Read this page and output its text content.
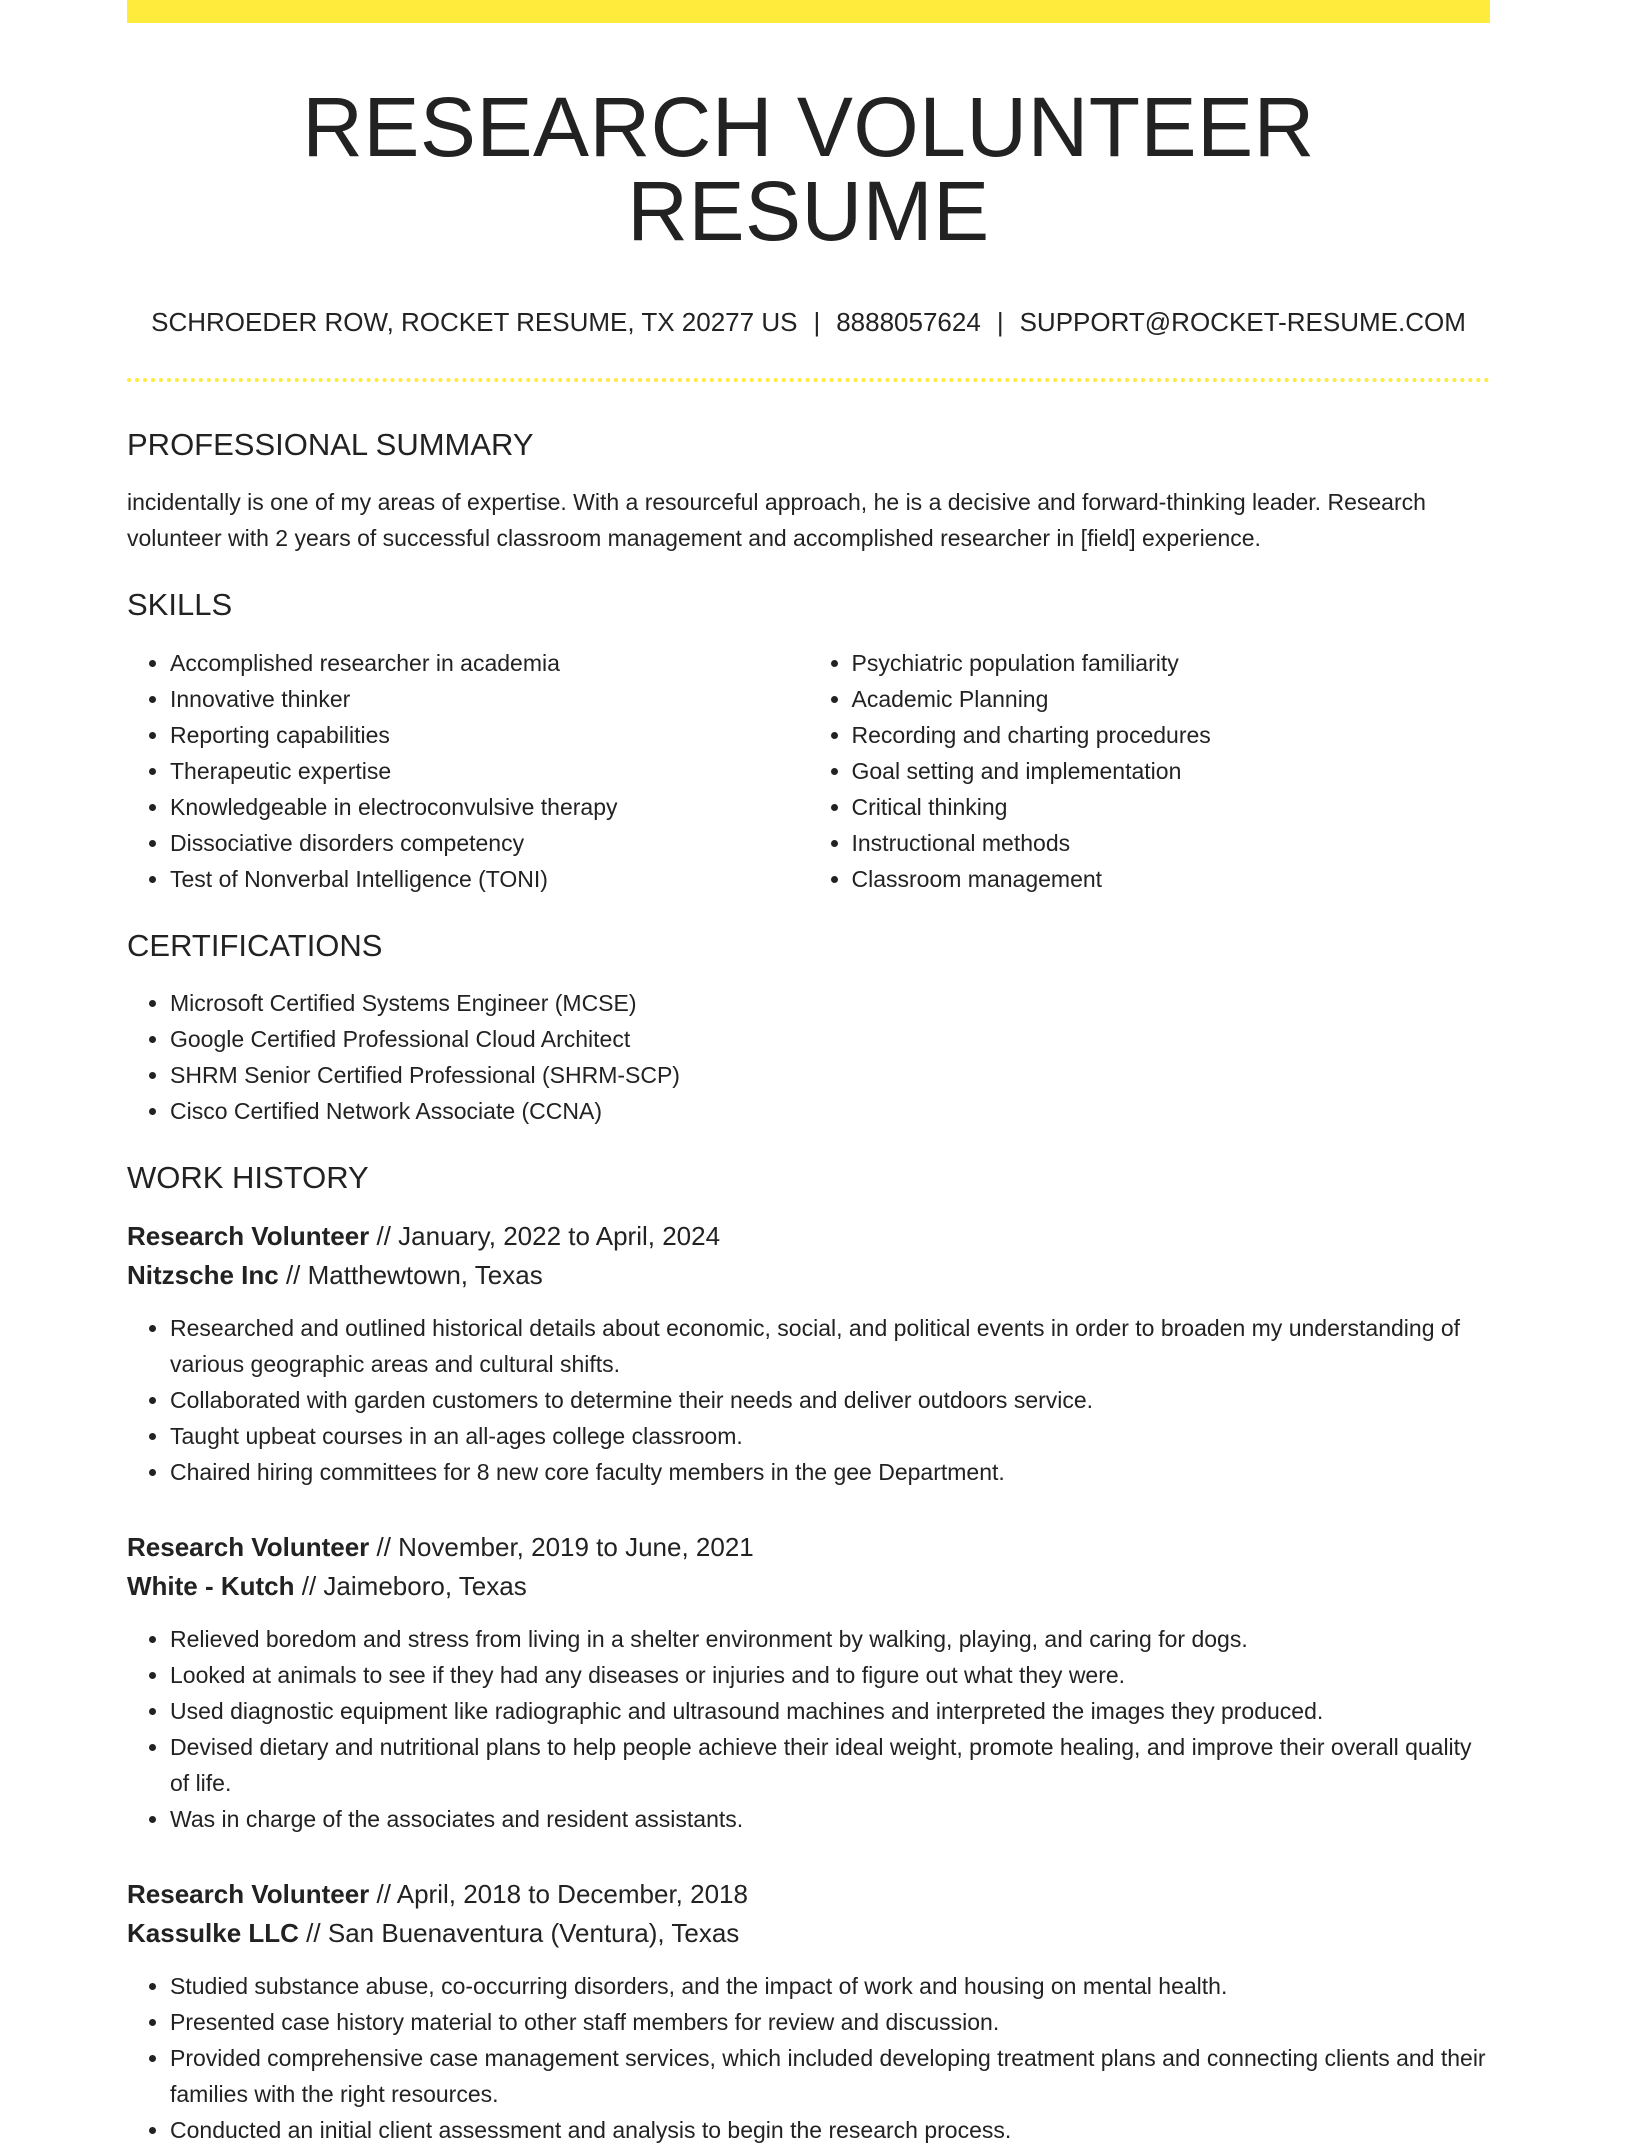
RESEARCH VOLUNTEER RESUME
SCHROEDER ROW, ROCKET RESUME, TX 20277 US | 8888057624 | SUPPORT@ROCKET-RESUME.COM
PROFESSIONAL SUMMARY

incidentally is one of my areas of expertise. With a resourceful approach, he is a decisive and forward-thinking leader. Research volunteer with 2 years of successful classroom management and accomplished researcher in [field] experience.

SKILLS
• Accomplished researcher in academia
• Innovative thinker
• Reporting capabilities
• Therapeutic expertise
• Knowledgeable in electroconvulsive therapy
• Dissociative disorders competency
• Test of Nonverbal Intelligence (TONI)
• Psychiatric population familiarity
• Academic Planning
• Recording and charting procedures
• Goal setting and implementation
• Critical thinking
• Instructional methods
• Classroom management
CERTIFICATIONS
• Microsoft Certified Systems Engineer (MCSE)
• Google Certified Professional Cloud Architect
• SHRM Senior Certified Professional (SHRM-SCP)
• Cisco Certified Network Associate (CCNA)
WORK HISTORY
Research Volunteer // January, 2022 to April, 2024
Nitzsche Inc // Matthewtown, Texas
• Researched and outlined historical details about economic, social, and political events in order to broaden my understanding of various geographic areas and cultural shifts.
• Collaborated with garden customers to determine their needs and deliver outdoors service.
• Taught upbeat courses in an all-ages college classroom.
• Chaired hiring committees for 8 new core faculty members in the gee Department.
Research Volunteer // November, 2019 to June, 2021
White - Kutch // Jaimeboro, Texas
• Relieved boredom and stress from living in a shelter environment by walking, playing, and caring for dogs.
• Looked at animals to see if they had any diseases or injuries and to figure out what they were.
• Used diagnostic equipment like radiographic and ultrasound machines and interpreted the images they produced.
• Devised dietary and nutritional plans to help people achieve their ideal weight, promote healing, and improve their overall quality of life.
• Was in charge of the associates and resident assistants.
Research Volunteer // April, 2018 to December, 2018
Kassulke LLC // San Buenaventura (Ventura), Texas
• Studied substance abuse, co-occurring disorders, and the impact of work and housing on mental health.
• Presented case history material to other staff members for review and discussion.
• Provided comprehensive case management services, which included developing treatment plans and connecting clients and their families with the right resources.
• Conducted an initial client assessment and analysis to begin the research process.
